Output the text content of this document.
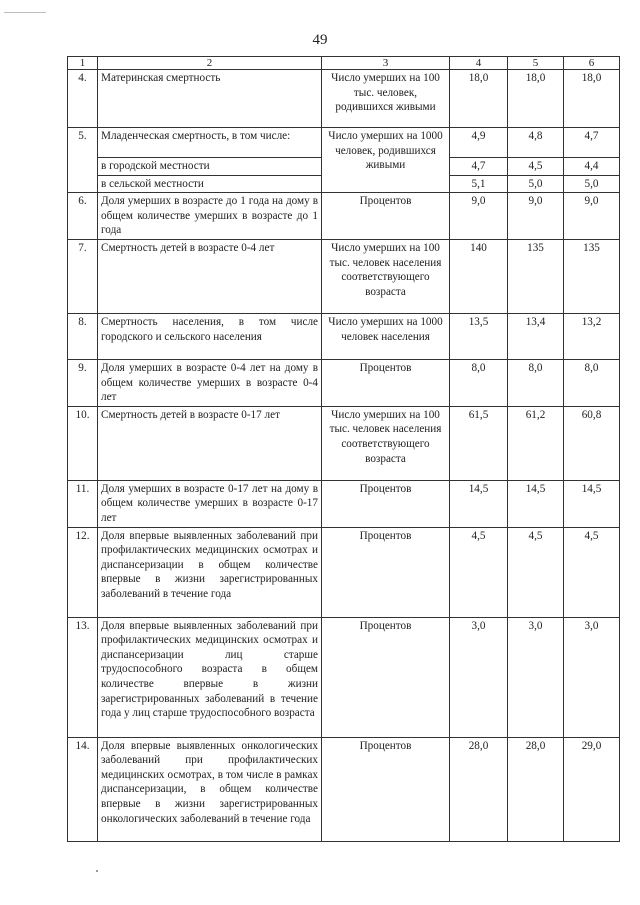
49
1	2	3	4	5	6
4.	Материнская смертность	Число умерших на 100 тыс. человек, родившихся живыми	18,0	18,0	18,0
5.	Младенческая смертность, в том числе:	Число умерших на 1000 человек, родившихся живыми	4,9	4,8	4,7
	в городской местности		4,7	4,5	4,4
	в сельской местности		5,1	5,0	5,0
6.	Доля умерших в возрасте до 1 года на дому в общем количестве умерших в возрасте до 1 года	Процентов	9,0	9,0	9,0
7.	Смертность детей в возрасте 0-4 лет	Число умерших на 100 тыс. человек населения соответствующего возраста	140	135	135
8.	Смертность населения, в том числе городского и сельского населения	Число умерших на 1000 человек населения	13,5	13,4	13,2
9.	Доля умерших в возрасте 0-4 лет на дому в общем количестве умерших в возрасте 0-4 лет	Процентов	8,0	8,0	8,0
10.	Смертность детей в возрасте 0-17 лет	Число умерших на 100 тыс. человек населения соответствующего возраста	61,5	61,2	60,8
11.	Доля умерших в возрасте 0-17 лет на дому в общем количестве умерших в возрасте 0-17 лет	Процентов	14,5	14,5	14,5
12.	Доля впервые выявленных заболеваний при профилактических медицинских осмотрах и диспансеризации в общем количестве впервые в жизни зарегистрированных заболеваний в течение года	Процентов	4,5	4,5	4,5
13.	Доля впервые выявленных заболеваний при профилактических медицинских осмотрах и диспансеризации лиц старше трудоспособного возраста в общем количестве впервые в жизни зарегистрированных заболеваний в течение года у лиц старше трудоспособного возраста	Процентов	3,0	3,0	3,0
14.	Доля впервые выявленных онкологических заболеваний при профилактических медицинских осмотрах, в том числе в рамках диспансеризации, в общем количестве впервые в жизни зарегистрированных онкологических заболеваний в течение года	Процентов	28,0	28,0	29,0
